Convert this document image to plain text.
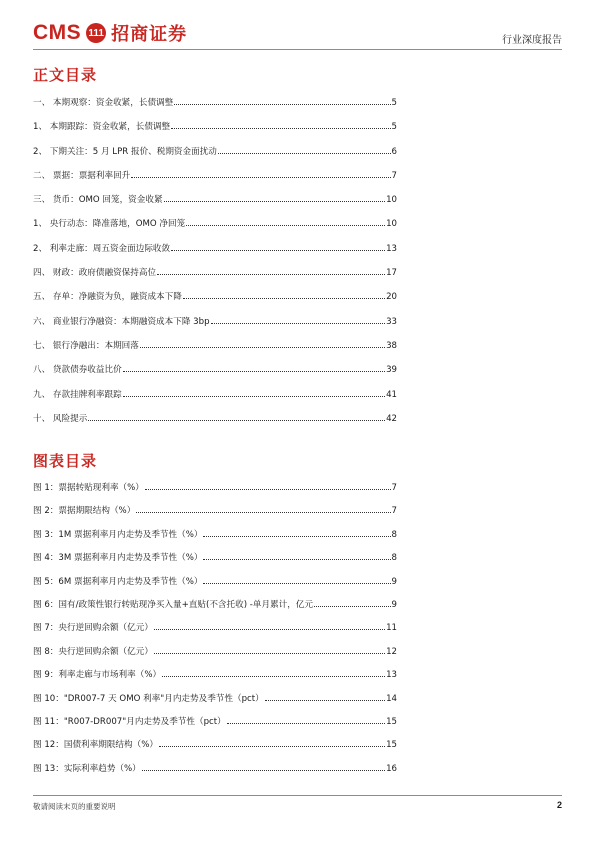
CMS 111 招商证券	行业深度报告
正文目录
一、 本期观察：资金收紧，长债调整	5
1、 本期跟踪：资金收紧，长债调整	5
2、 下期关注：5 月 LPR 报价、税期资金面扰动	6
二、 票据：票据利率回升	7
三、 货币：OMO 回笼，资金收紧	10
1、 央行动态：降准落地，OMO 净回笼	10
2、 利率走廊：周五资金面边际收敛	13
四、 财政：政府债融资保持高位	17
五、 存单：净融资为负，融资成本下降	20
六、 商业银行净融资：本期融资成本下降 3bp	33
七、 银行净融出：本期回落	38
八、 贷款债券收益比价	39
九、 存款挂牌利率跟踪	41
十、 风险提示	42
图表目录
图 1：票据转贴现利率（%）	7
图 2：票据期限结构（%）	7
图 3：1M 票据利率月内走势及季节性（%）	8
图 4：3M 票据利率月内走势及季节性（%）	8
图 5：6M 票据利率月内走势及季节性（%）	9
图 6：国有/政策性银行转贴现净买入量+直贴(不含托收) -单月累计，亿元	9
图 7：央行逆回购余额（亿元）	11
图 8：央行逆回购余额（亿元）	12
图 9：利率走廊与市场利率（%）	13
图 10："DR007-7 天 OMO 利率"月内走势及季节性（pct）	14
图 11："R007-DR007"月内走势及季节性（pct）	15
图 12：国债利率期限结构（%）	15
图 13：实际利率趋势（%）	16
敬请阅读末页的重要说明	2
